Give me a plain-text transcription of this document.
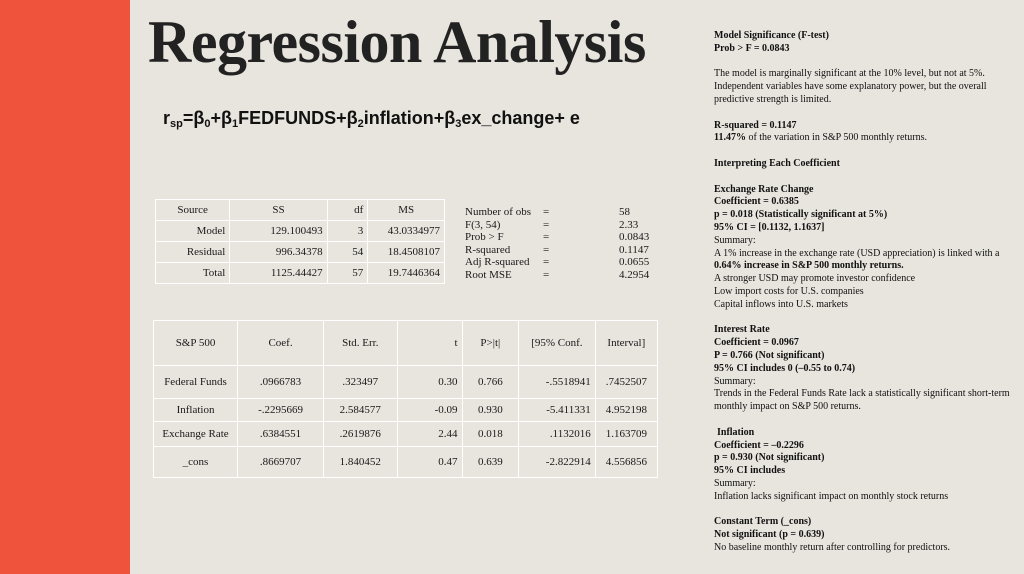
Regression Analysis
$r_{sp}=\beta_0+\beta_1FEDFUNDS+\beta_2inflation+\beta_3ex\_change+ e$
Source	SS	df	MS
Model	129.100493	3	43.0334977
Residual	996.34378	54	18.4508107
Total	1125.44427	57	19.7446364
Number of obs	=	58
F(3, 54)	=	2.33
Prob > F	=	0.0843
R-squared	=	0.1147
Adj R-squared	=	0.0655
Root MSE	=	4.2954
S&P 500	Coef.	Std. Err.	t	P>|t|	[95% Conf.	Interval]
Federal Funds	.0966783	.323497	0.30	0.766	-.5518941	.7452507
Inflation	-.2295669	2.584577	-0.09	0.930	-5.411331	4.952198
Exchange Rate	.6384551	.2619876	2.44	0.018	.1132016	1.163709
_cons	.8669707	1.840452	0.47	0.639	-2.822914	4.556856

Model Significance (F-test)

Prob > F = 0.0843

The model is marginally significant at the 10% level, but not at 5%. Independent variables have some explanatory power, but the overall predictive strength is limited.

R-squared = 0.1147

11.47% of the variation in S&P 500 monthly returns.

Interpreting Each Coefficient

Exchange Rate Change

Coefficient = 0.6385

p = 0.018 (Statistically significant at 5%)

95% CI = [0.1132, 1.1637]

Summary:

A 1% increase in the exchange rate (USD appreciation) is linked with a 0.64% increase in S&P 500 monthly returns.

A stronger USD may promote investor confidence

Low import costs for U.S. companies

Capital inflows into U.S. markets

Interest Rate

Coefficient = 0.0967

P = 0.766 (Not significant)

95% CI includes 0 (–0.55 to 0.74)

Summary:

Trends in the Federal Funds Rate lack a statistically significant short-term monthly impact on S&P 500 returns.

Inflation

Coefficient = –0.2296

p = 0.930 (Not significant)

95% CI includes

Summary:

Inflation lacks significant impact on monthly stock returns

Constant Term (_cons)

Not significant (p = 0.639)

No baseline monthly return after controlling for predictors.
